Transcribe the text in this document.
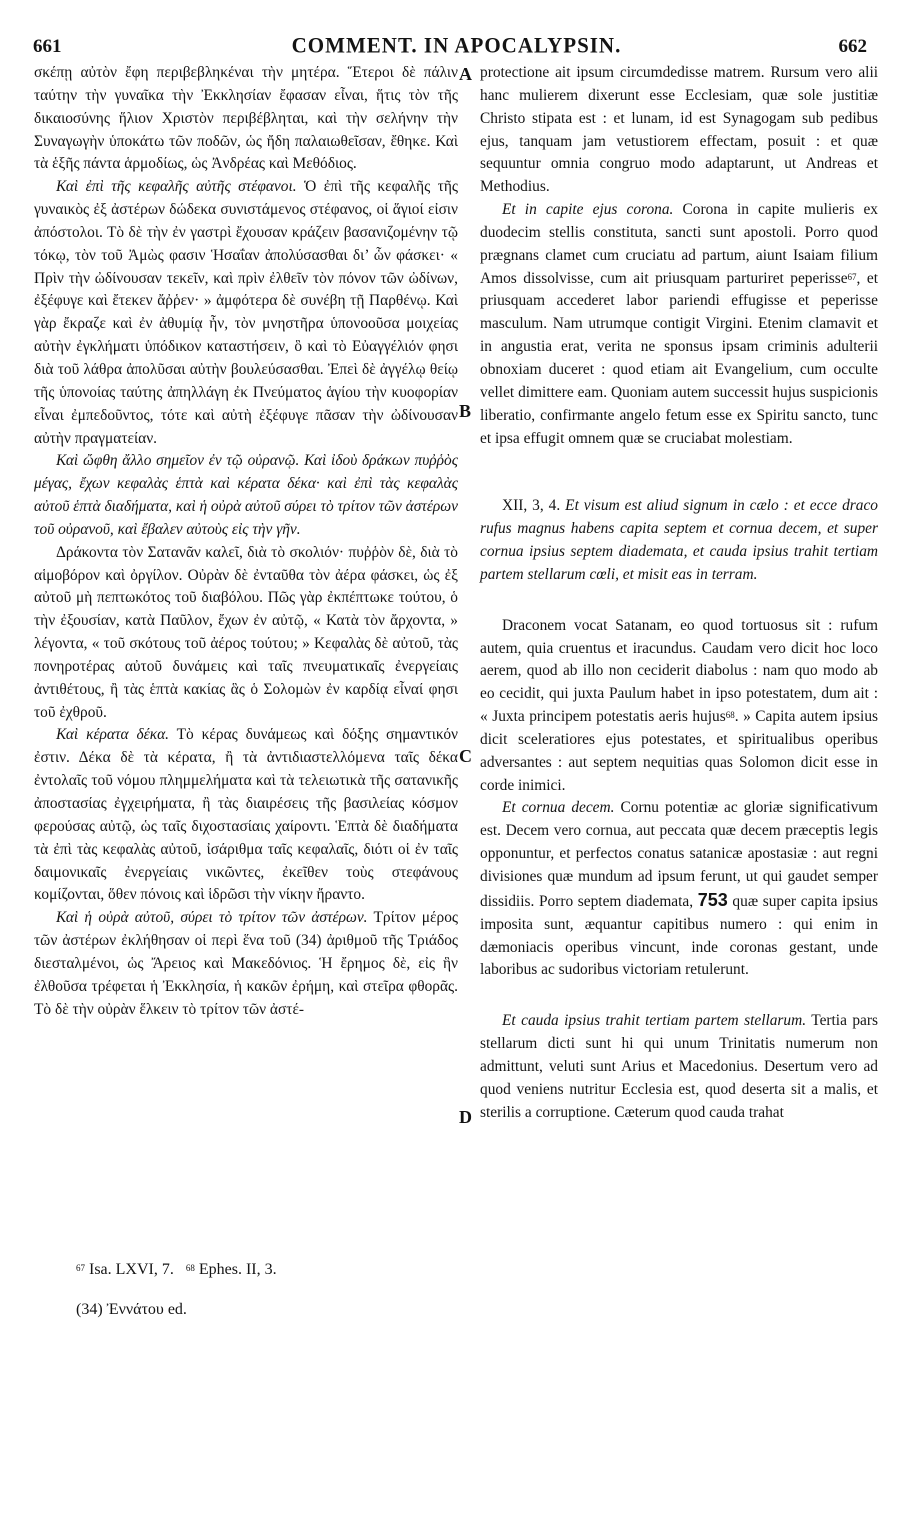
661	COMMENT. IN APOCALYPSIN.	662
A
B
C
D

σκέπῃ αὐτὸν ἔφη περιβεβληκέναι τὴν μητέρα. Ἕτεροι δὲ πάλιν ταύτην τὴν γυναῖκα τὴν Ἐκκλησίαν ἔφασαν εἶναι, ἥτις τὸν τῆς δικαιοσύνης ἥλιον Χριστὸν περιβέβληται, καὶ τὴν σελήνην τὴν Συναγωγὴν ὑποκάτω τῶν ποδῶν, ὡς ἤδη παλαιωθεῖσαν, ἔθηκε. Καὶ τὰ ἑξῆς πάντα ἁρμοδίως, ὡς Ἀνδρέας καὶ Μεθόδιος.

Καὶ ἐπὶ τῆς κεφαλῆς αὐτῆς στέφανοι. Ὁ ἐπὶ τῆς κεφαλῆς τῆς γυναικὸς ἐξ ἀστέρων δώδεκα συνιστάμενος στέφανος, οἱ ἅγιοί εἰσιν ἀπόστολοι. Τὸ δὲ τὴν ἐν γαστρὶ ἔχουσαν κράζειν βασανιζομένην τῷ τόκῳ, τὸν τοῦ Ἀμὼς φασιν Ἡσαΐαν ἀπολύσασθαι δι’ ὧν φάσκει· « Πρὶν τὴν ὠδίνουσαν τεκεῖν, καὶ πρὶν ἐλθεῖν τὸν πόνον τῶν ὠδίνων, ἐξέφυγε καὶ ἔτεκεν ἄῤῥεν· » ἀμφότερα δὲ συνέβη τῇ Παρθένῳ. Καὶ γὰρ ἔκραζε καὶ ἐν ἀθυμίᾳ ἦν, τὸν μνηστῆρα ὑπονοοῦσα μοιχείας αὐτὴν ἐγκλήματι ὑπόδικον καταστήσειν, ὃ καὶ τὸ Εὐαγγέλιόν φησι διὰ τοῦ λάθρα ἀπολῦσαι αὐτὴν βουλεύσασθαι. Ἐπεὶ δὲ ἀγγέλῳ θείῳ τῆς ὑπονοίας ταύτης ἀπηλλάγη ἐκ Πνεύματος ἁγίου τὴν κυοφορίαν εἶναι ἐμπεδοῦντος, τότε καὶ αὐτὴ ἐξέφυγε πᾶσαν τὴν ὠδίνουσαν αὐτὴν πραγματείαν.

Καὶ ὤφθη ἄλλο σημεῖον ἐν τῷ οὐρανῷ. Καὶ ἰδοὺ δράκων πυῤῥὸς μέγας, ἔχων κεφαλὰς ἑπτὰ καὶ κέρατα δέκα· καὶ ἐπὶ τὰς κεφαλὰς αὐτοῦ ἑπτὰ διαδήματα, καὶ ἡ οὐρὰ αὐτοῦ σύρει τὸ τρίτον τῶν ἀστέρων τοῦ οὐρανοῦ, καὶ ἔβαλεν αὐτοὺς εἰς τὴν γῆν.

Δράκοντα τὸν Σατανᾶν καλεῖ, διὰ τὸ σκολιόν· πυῤῥὸν δὲ, διὰ τὸ αἱμοβόρον καὶ ὀργίλον. Οὐρὰν δὲ ἐνταῦθα τὸν ἀέρα φάσκει, ὡς ἐξ αὐτοῦ μὴ πεπτωκότος τοῦ διαβόλου. Πῶς γὰρ ἐκπέπτωκε τούτου, ὁ τὴν ἐξουσίαν, κατὰ Παῦλον, ἔχων ἐν αὐτῷ, « Κατὰ τὸν ἄρχοντα, » λέγοντα, « τοῦ σκότους τοῦ ἀέρος τούτου; » Κεφαλὰς δὲ αὐτοῦ, τὰς πονηροτέρας αὐτοῦ δυνάμεις καὶ ταῖς πνευματικαῖς ἐνεργείαις ἀντιθέτους, ἢ τὰς ἑπτὰ κακίας ἃς ὁ Σολομὼν ἐν καρδίᾳ εἶναί φησι τοῦ ἐχθροῦ.

Καὶ κέρατα δέκα. Τὸ κέρας δυνάμεως καὶ δόξης σημαντικόν ἐστιν. Δέκα δὲ τὰ κέρατα, ἢ τὰ ἀντιδιαστελλόμενα ταῖς δέκα ἐντολαῖς τοῦ νόμου πλημμελήματα καὶ τὰ τελειωτικὰ τῆς σατανικῆς ἀποστασίας ἐγχειρήματα, ἢ τὰς διαιρέσεις τῆς βασιλείας κόσμον φερούσας αὐτῷ, ὡς ταῖς διχοστασίαις χαίροντι. Ἑπτὰ δὲ διαδήματα τὰ ἐπὶ τὰς κεφαλὰς αὐτοῦ, ἰσάριθμα ταῖς κεφαλαῖς, διότι οἱ ἐν ταῖς δαιμονικαῖς ἐνεργείαις νικῶντες, ἐκεῖθεν τοὺς στεφάνους κομίζονται, ὅθεν πόνοις καὶ ἱδρῶσι τὴν νίκην ἤραντο.

Καὶ ἡ οὐρὰ αὐτοῦ, σύρει τὸ τρίτον τῶν ἀστέρων. Τρίτον μέρος τῶν ἀστέρων ἐκλήθησαν οἱ περὶ ἕνα τοῦ (34) ἀριθμοῦ τῆς Τριάδος διεσταλμένοι, ὡς Ἄρειος καὶ Μακεδόνιος. Ἡ ἔρημος δὲ, εἰς ἣν ἐλθοῦσα τρέφεται ἡ Ἐκκλησία, ἡ κακῶν ἐρήμη, καὶ στεῖρα φθορᾶς. Τὸ δὲ τὴν οὐρὰν ἕλκειν τὸ τρίτον τῶν ἀστέ-

protectione ait ipsum circumdedisse matrem. Rursum vero alii hanc mulierem dixerunt esse Ecclesiam, quæ sole justitiæ Christo stipata est : et lunam, id est Synagogam sub pedibus ejus, tanquam jam vetustiorem effectam, posuit : et quæ sequuntur omnia congruo modo adaptarunt, ut Andreas et Methodius.

Et in capite ejus corona. Corona in capite mulieris ex duodecim stellis constituta, sancti sunt apostoli. Porro quod prægnans clamet cum cruciatu ad partum, aiunt Isaiam filium Amos dissolvisse, cum ait priusquam parturiret peperisse$^{67}$, et priusquam accederet labor pariendi effugisse et peperisse masculum. Nam utrumque contigit Virgini. Etenim clamavit et in angustia erat, verita ne sponsus ipsam criminis adulterii obnoxiam duceret : quod etiam ait Evangelium, cum occulte vellet dimittere eam. Quoniam autem successit hujus suspicionis liberatio, confirmante angelo fetum esse ex Spiritu sancto, tunc et ipsa effugit omnem quæ se cruciabat molestiam.

XII, 3, 4. Et visum est aliud signum in cælo : et ecce draco rufus magnus habens capita septem et cornua decem, et super cornua ipsius septem diademata, et cauda ipsius trahit tertiam partem stellarum cœli, et misit eas in terram.

Draconem vocat Satanam, eo quod tortuosus sit : rufum autem, quia cruentus et iracundus. Caudam vero dicit hoc loco aerem, quod ab illo non ceciderit diabolus : nam quo modo ab eo cecidit, qui juxta Paulum habet in ipso potestatem, dum ait : « Juxta principem potestatis aeris hujus$^{68}$. » Capita autem ipsius dicit sceleratiores ejus potestates, et spiritualibus operibus adversantes : aut septem nequitias quas Solomon dicit esse in corde inimici.

Et cornua decem. Cornu potentiæ ac gloriæ significativum est. Decem vero cornua, aut peccata quæ decem præceptis legis opponuntur, et perfectos conatus satanicæ apostasiæ : aut regni divisiones quæ mundum ad ipsum ferunt, ut qui gaudet semper dissidiis. Porro septem diademata, 753 quæ super capita ipsius imposita sunt, æquantur capitibus numero : qui enim in dæmoniacis operibus vincunt, inde coronas gestant, unde laboribus ac sudoribus victoriam retulerunt.

Et cauda ipsius trahit tertiam partem stellarum. Tertia pars stellarum dicti sunt hi qui unum Trinitatis numerum non admittunt, veluti sunt Arius et Macedonius. Desertum vero ad quod veniens nutritur Ecclesia est, quod deserta sit a malis, et sterilis a corruptione. Cæterum quod cauda trahat

$^{67}$ Isa. LXVI, 7. $^{68}$ Ephes. II, 3.
(34) Ἐννάτου ed.
